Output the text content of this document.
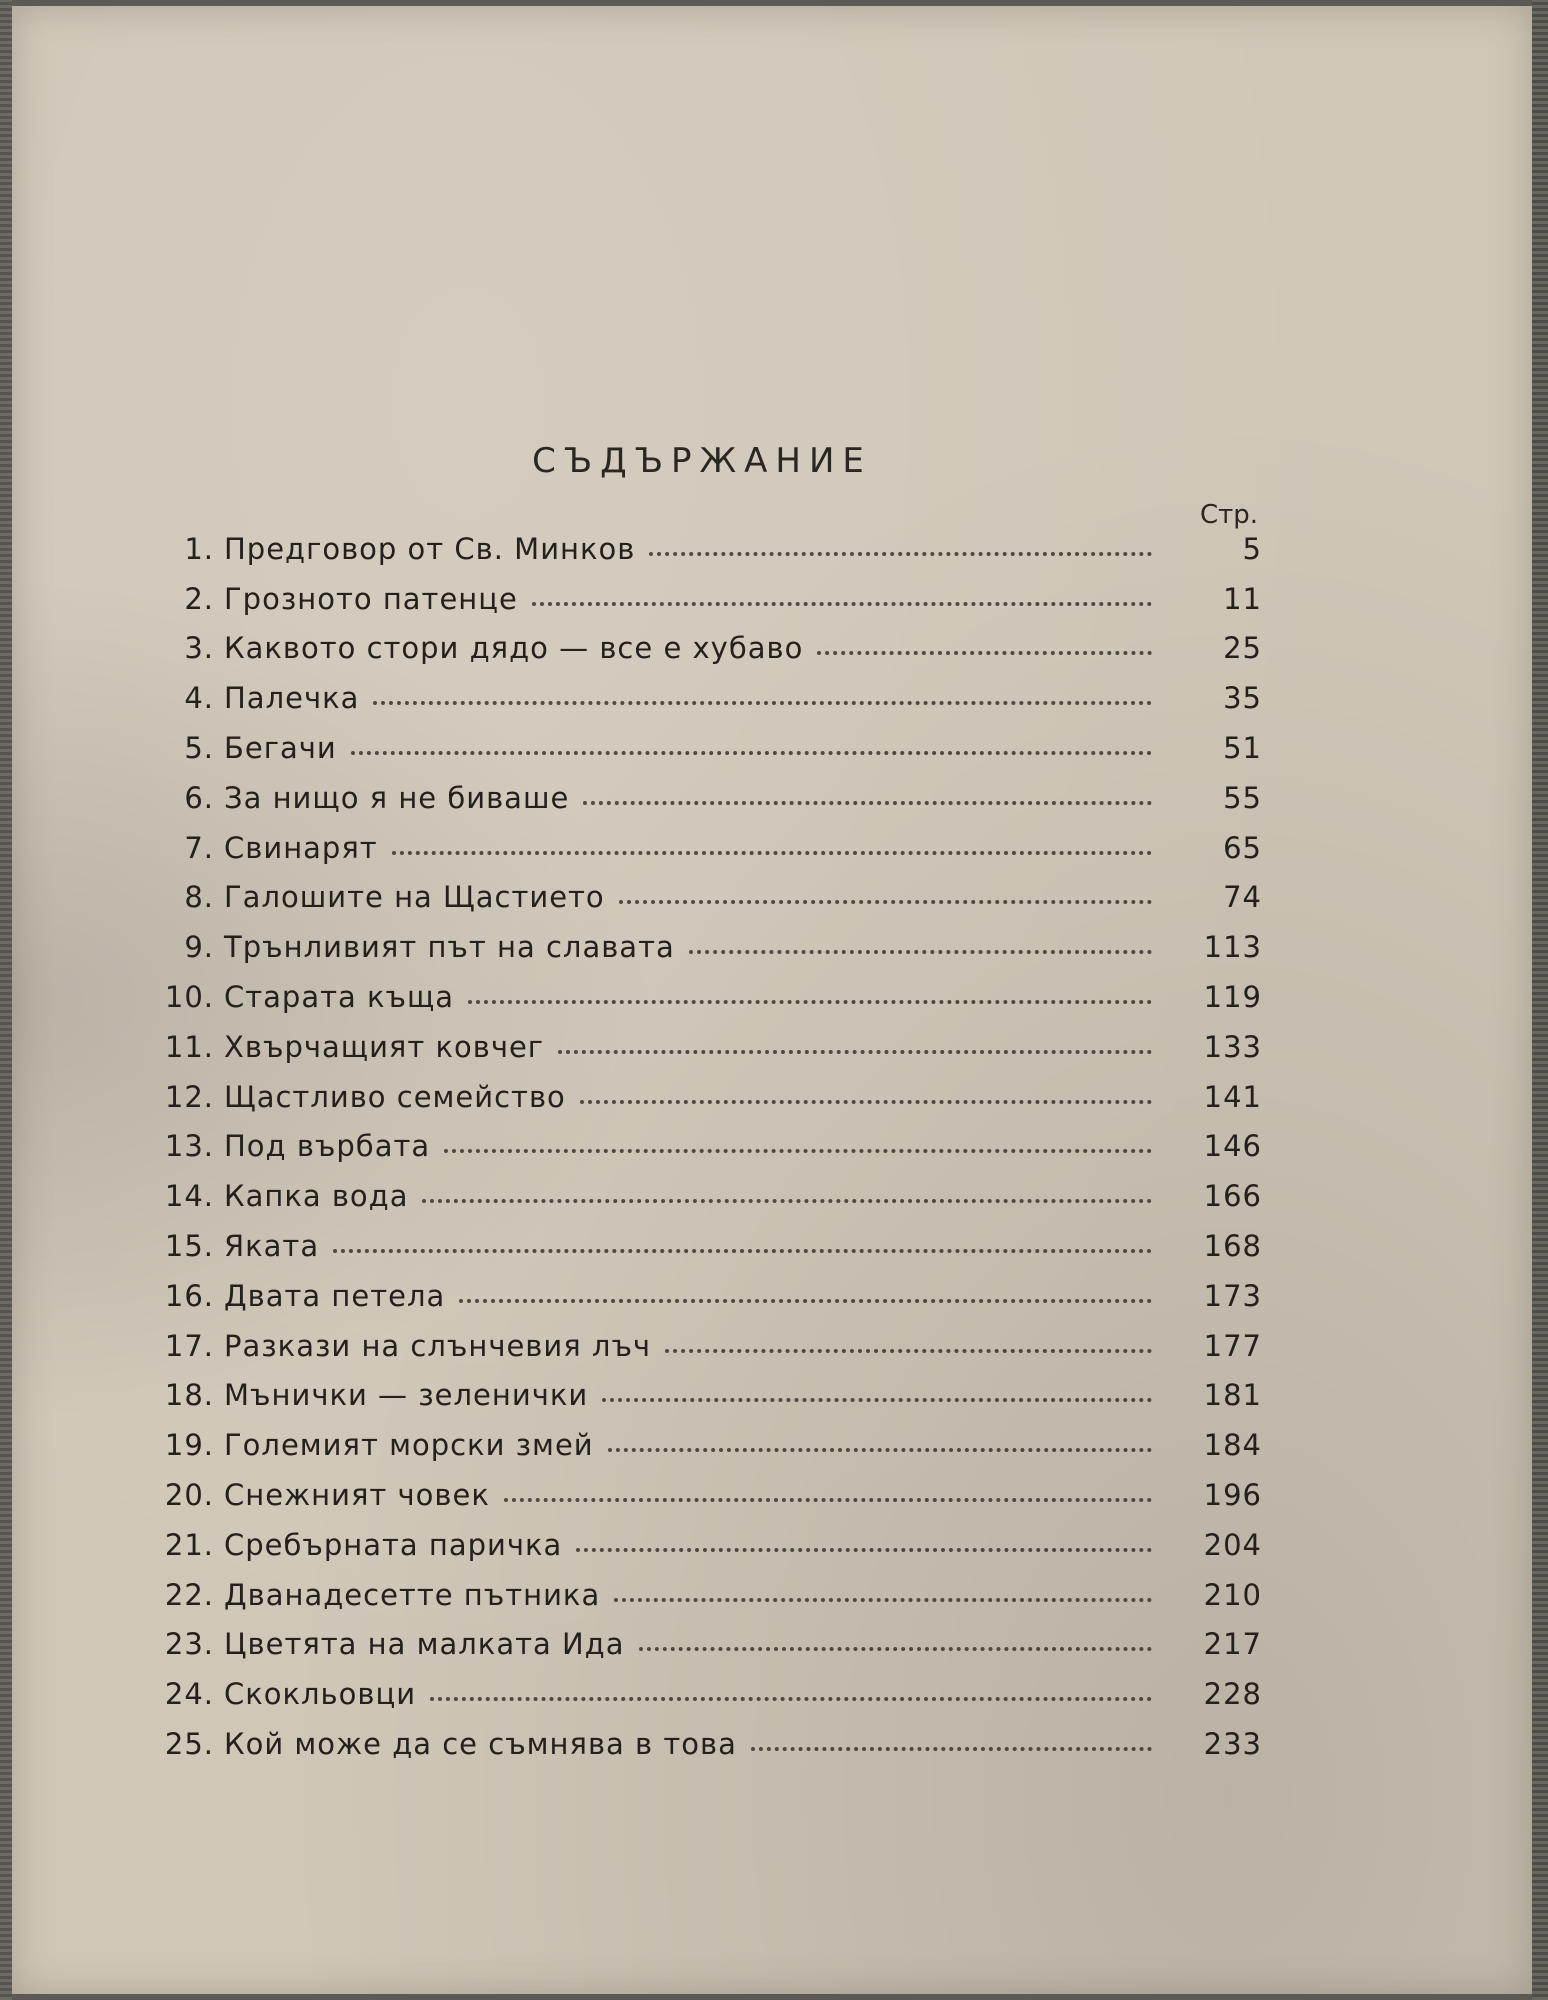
СЪДЪРЖАНИЕ
Стр.
1. Предговор от Св. Минков	5
2. Грозното патенце	11
3. Каквото стори дядо — все е хубаво	25
4. Палечка	35
5. Бегачи	51
6. За нищо я не биваше	55
7. Свинарят	65
8. Галошите на Щастието	74
9. Трънливият път на славата	113
10. Старата къща	119
11. Хвърчащият ковчег	133
12. Щастливо семейство	141
13. Под върбата	146
14. Капка вода	166
15. Яката	168
16. Двата петела	173
17. Разкази на слънчевия лъч	177
18. Мънички — зеленички	181
19. Големият морски змей	184
20. Снежният човек	196
21. Сребърната паричка	204
22. Дванадесетте пътника	210
23. Цветята на малката Ида	217
24. Скокльовци	228
25. Кой може да се съмнява в това	233
